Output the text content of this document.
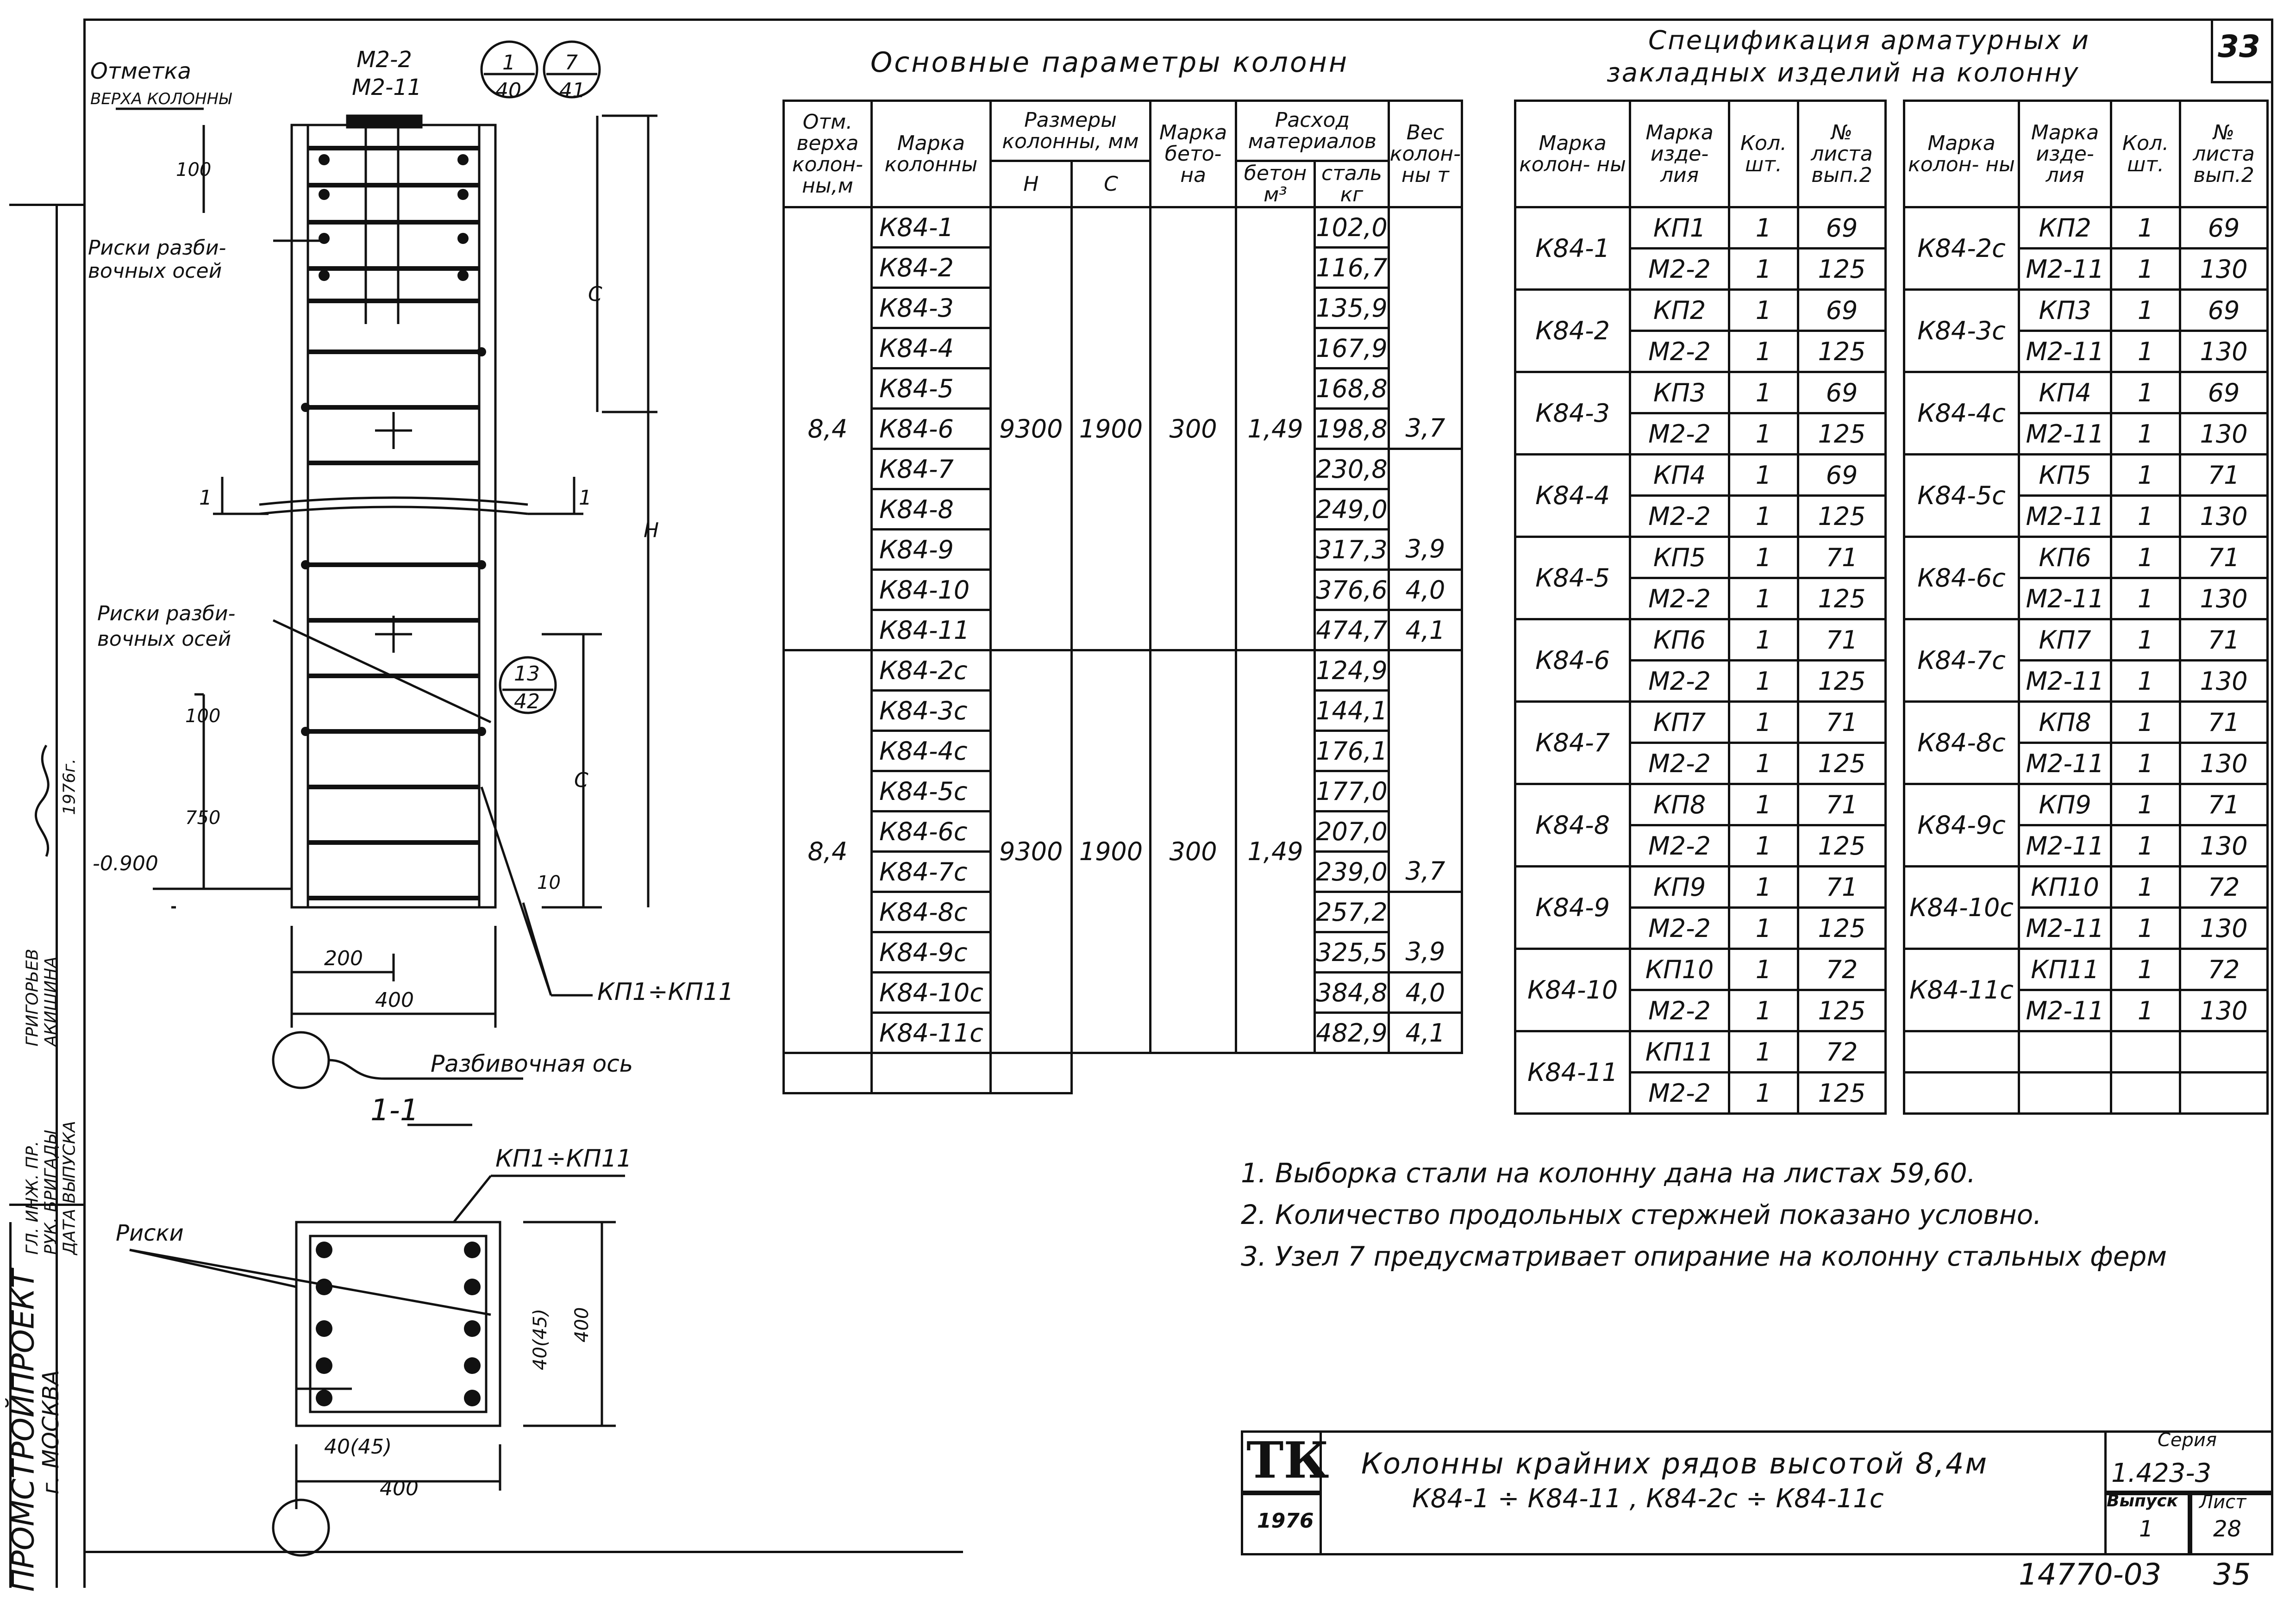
33
ПРОМСТРОЙПРОЕКТ
г. МОСКВА
ГЛ. ИНЖ. ПР. РУК. БРИГАДЫ ДАТА ВЫПУСКА
ГРИГОРЬЕВ АКИШИНА
1976г.
Отметка
ВЕРХА КОЛОННЫ
М2-2
М2-11
1
40
7
41
13
42
Риски разби-
вочных осей
Риски разби-
вочных осей
С
Н
С
100
100
750
10
-0.900
1	1
200
400	КП1÷КП11
Разбивочная ось
1-1
КП1÷КП11
Риски
40(45) 400
40(45)
400
Основные параметры колонн
Отм. верха колон- ны,м	Марка колонны	Размеры колонны, мм		Марка бето- на	Расход материалов		Вес колон- ны т
		Н	С		бетон м³	сталь кг	
8,4	К84-1	9300	1900	300	1,49	102,0	
	К84-2					116,7	
	К84-3					135,9	
	К84-4					167,9	
	К84-5					168,8	
	К84-6					198,8	3,7
	К84-7					230,8	
	К84-8					249,0	
	К84-9					317,3	3,9
	К84-10					376,6	4,0
	К84-11					474,7	4,1
8,4	К84-2с	9300	1900	300	1,49	124,9	
	К84-3с					144,1	
	К84-4с					176,1	
	К84-5с					177,0	
	К84-6с					207,0	
	К84-7с					239,0	3,7
	К84-8с					257,2	
	К84-9с					325,5	3,9
	К84-10с					384,8	4,0
	К84-11с					482,9	4,1

Спецификация арматурных и
закладных изделий на колонну
Марка колон- ны	Марка изде- лия	Кол. шт.	№ листа вып.2
К84-1	КП1	1	69
	М2-2	1	125
К84-2	КП2	1	69
	М2-2	1	125
К84-3	КП3	1	69
	М2-2	1	125
К84-4	КП4	1	69
	М2-2	1	125
К84-5	КП5	1	71
	М2-2	1	125
К84-6	КП6	1	71
	М2-2	1	125
К84-7	КП7	1	71
	М2-2	1	125
К84-8	КП8	1	71
	М2-2	1	125
К84-9	КП9	1	71
	М2-2	1	125
К84-10	КП10	1	72
	М2-2	1	125
К84-11	КП11	1	72
	М2-2	1	125
Марка колон- ны	Марка изде- лия	Кол. шт.	№ листа вып.2
К84-2с	КП2	1	69
	М2-11	1	130
К84-3с	КП3	1	69
	М2-11	1	130
К84-4с	КП4	1	69
	М2-11	1	130
К84-5с	КП5	1	71
	М2-11	1	130
К84-6с	КП6	1	71
	М2-11	1	130
К84-7с	КП7	1	71
	М2-11	1	130
К84-8с	КП8	1	71
	М2-11	1	130
К84-9с	КП9	1	71
	М2-11	1	130
К84-10с	КП10	1	72
	М2-11	1	130
К84-11с	КП11	1	72
	М2-11	1	130

1. Выборка стали на колонну дана на листах 59,60.
2. Количество продольных стержней показано условно.
3. Узел 7 предусматривает опирание на колонну стальных ферм
ТК
1976
Колонны крайних рядов высотой 8,4м
К84-1 ÷ К84-11 , К84-2с ÷ К84-11с
Серия
1.423-3
Выпуск
1
Лист
28
14770-03 35
